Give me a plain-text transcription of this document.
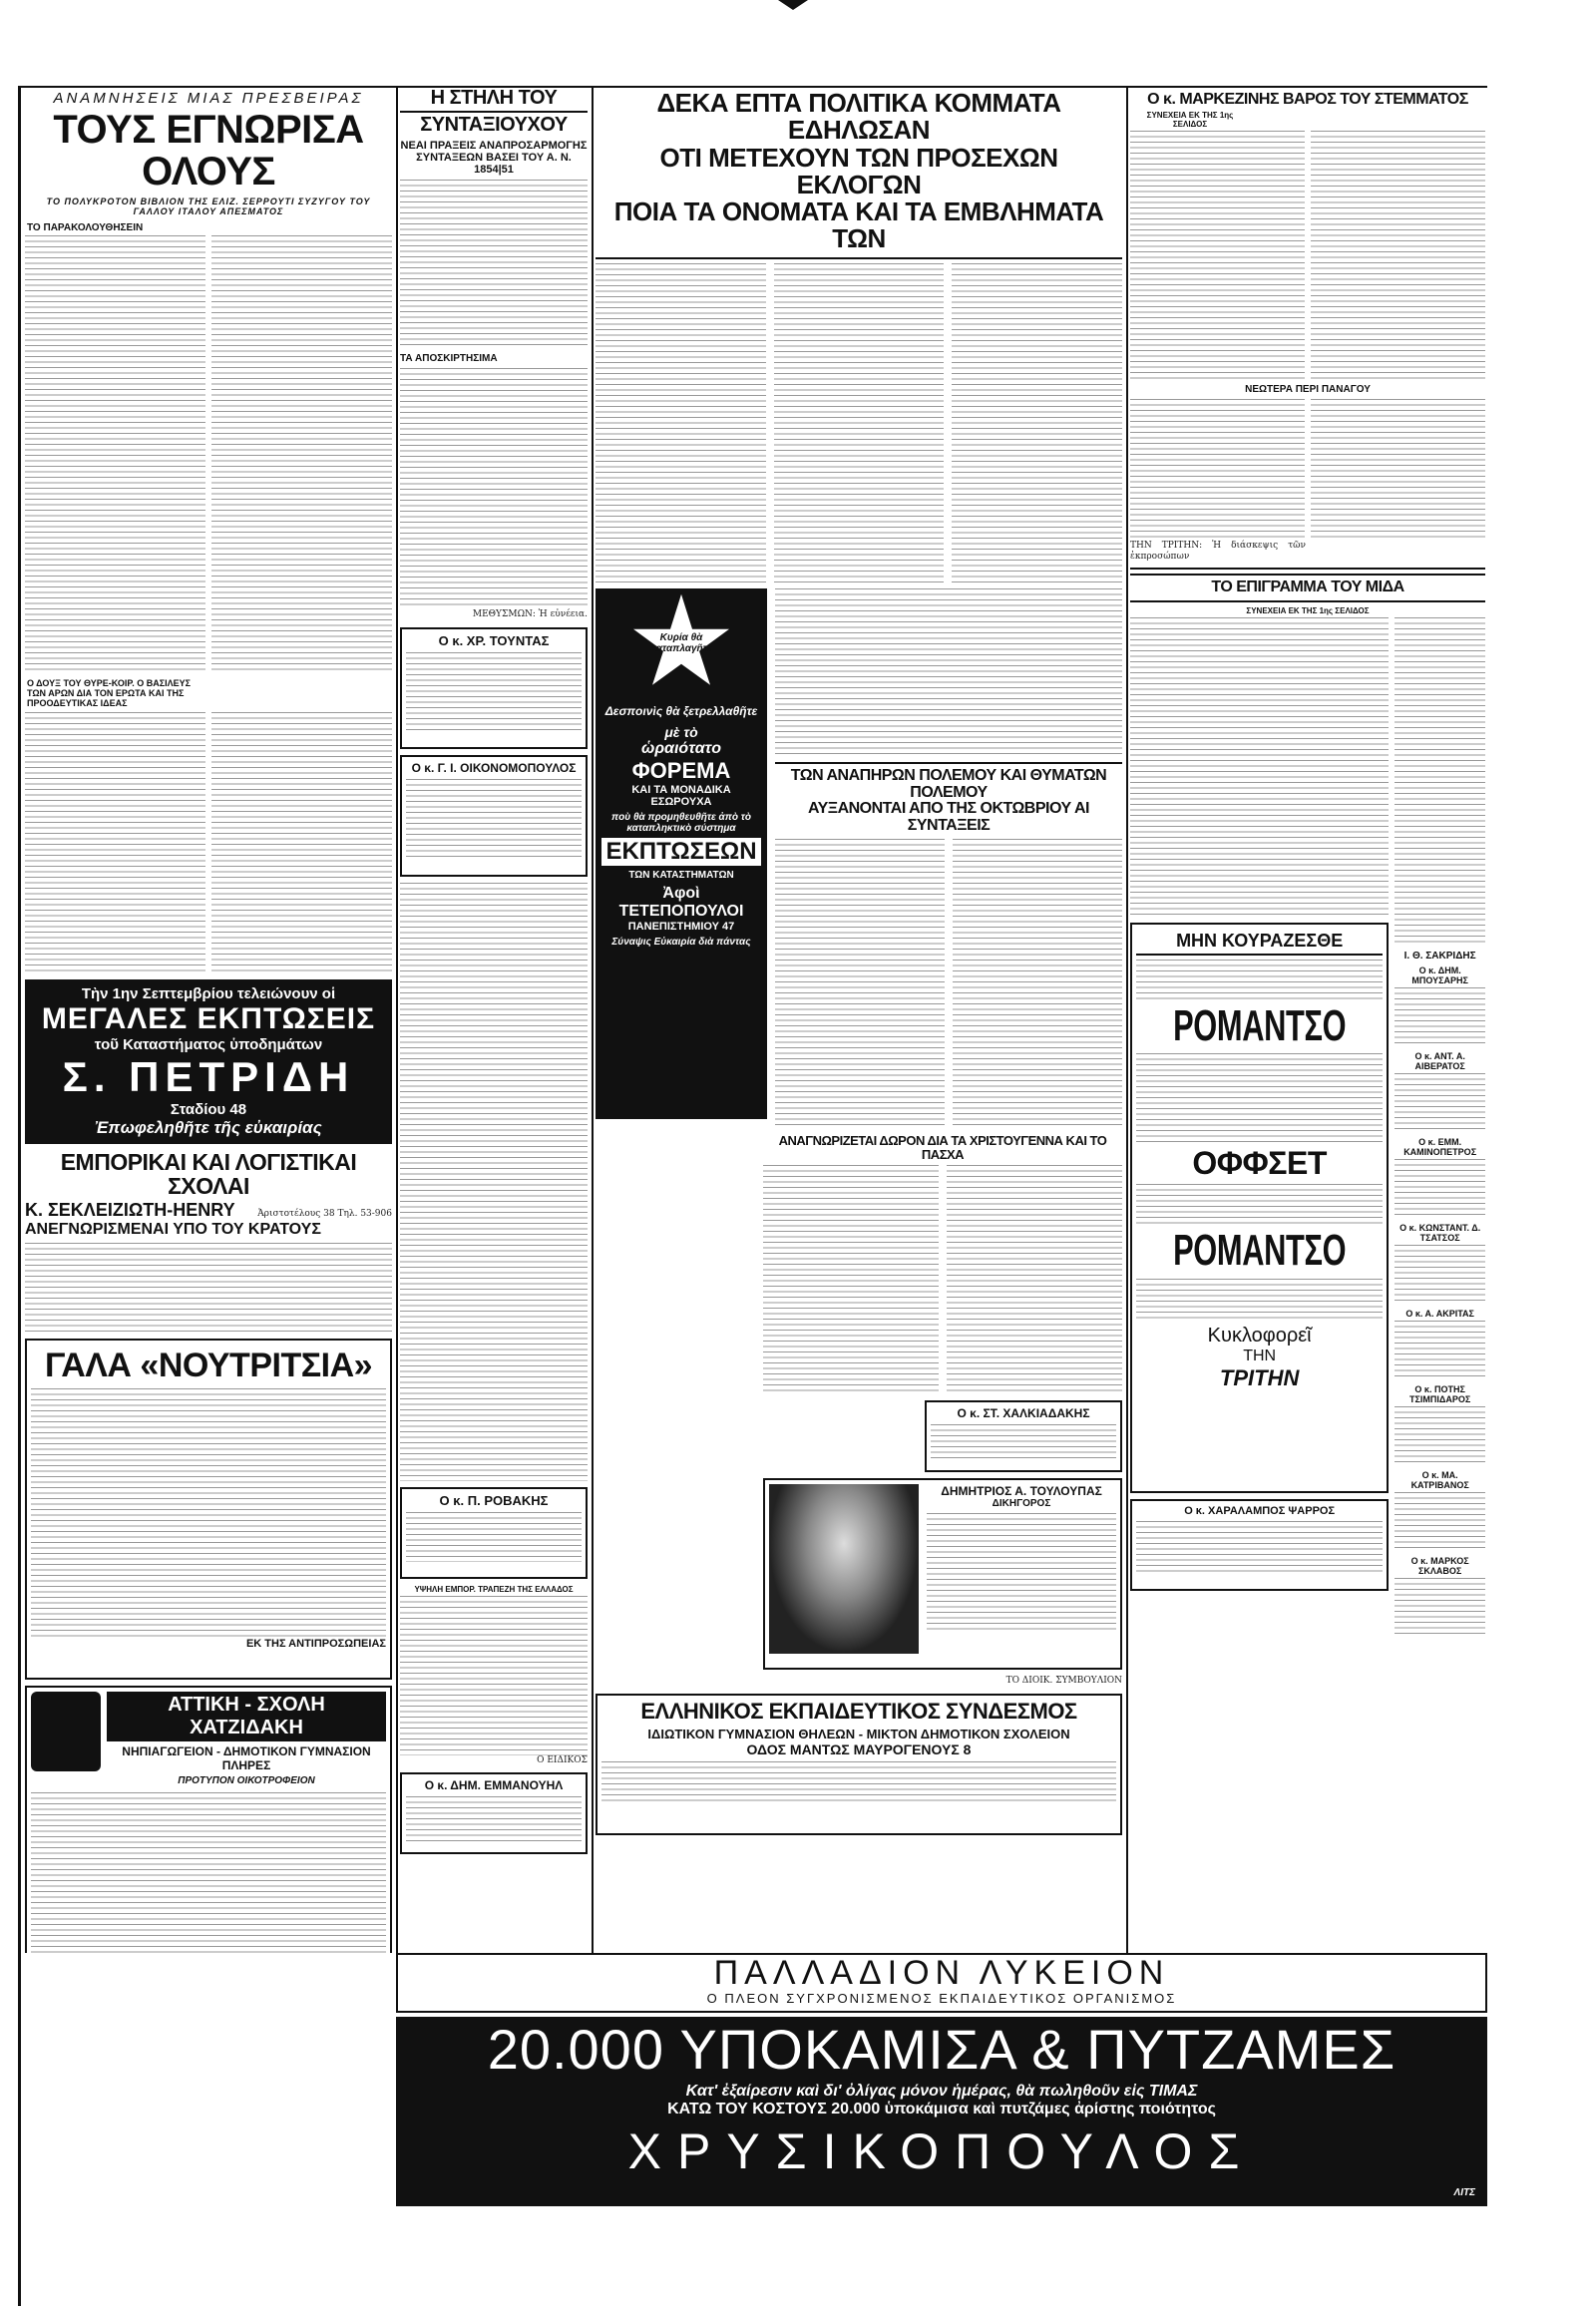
ΑΝΑΜΝΗΣΕΙΣ ΜΙΑΣ ΠΡΕΣΒΕΙΡΑΣ
ΤΟΥΣ ΕΓΝΩΡΙΣΑ ΟΛΟΥΣ
ΤΟ ΠΟΛΥΚΡΟΤΟΝ ΒΙΒΛΙΟΝ ΤΗΣ ΕΛΙΖ. ΣΕΡΡΟΥΤΙ ΣΥΖΥΓΟΥ ΤΟΥ ΓΑΛΛΟΥ ΙΤΑΛΟΥ ΑΠΕΣΜΑΤΟΣ
ΤΟ ΠΑΡΑΚΟΛΟΥΘΗΣΕΙΝ
Ο ΔΟΥΞ ΤΟΥ ΘΥΡΕ-ΚΟΙΡ. Ο ΒΑΣΙΛΕΥΣ ΤΩΝ ΑΡΩΝ ΔΙΑ ΤΟΝ ΕΡΩΤΑ ΚΑΙ ΤΗΣ ΠΡΟΟΔΕΥΤΙΚΑΣ ΙΔΕΑΣ
Τὴν 1ην Σεπτεμβρίου τελειώνουν οἱ
ΜΕΓΑΛΕΣ ΕΚΠΤΩΣΕΙΣ
τοῦ Καταστήματος ὑποδημάτων
Σ. ΠΕΤΡΙΔΗ
Σταδίου 48
Ἐπωφεληθῆτε τῆς εὐκαιρίας
ΕΜΠΟΡΙΚΑΙ ΚΑΙ ΛΟΓΙΣΤΙΚΑΙ ΣΧΟΛΑΙ
Κ. ΣΕΚΛΕΙΖΙΩΤΗ-HENRY	Ἀριστοτέλους 38 Τηλ. 53-906
ΑΝΕΓΝΩΡΙΣΜΕΝΑΙ ΥΠΟ ΤΟΥ ΚΡΑΤΟΥΣ
ΓΑΛΑ «ΝΟΥΤΡΙΤΣΙΑ»
ΕΚ ΤΗΣ ΑΝΤΙΠΡΟΣΩΠΕΙΑΣ
ΑΤΤΙΚΗ - ΣΧΟΛΗ ΧΑΤΖΙΔΑΚΗ
ΝΗΠΙΑΓΩΓΕΙΟΝ - ΔΗΜΟΤΙΚΟΝ ΓΥΜΝΑΣΙΟΝ ΠΛΗΡΕΣ
ΠΡΟΤΥΠΟΝ ΟΙΚΟΤΡΟΦΕΙΟΝ
Η ΣΤΗΛΗ ΤΟΥ
ΣΥΝΤΑΞΙΟΥΧΟΥ
ΝΕΑΙ ΠΡΑΞΕΙΣ ΑΝΑΠΡΟΣΑΡΜΟΓΗΣ ΣΥΝΤΑΞΕΩΝ ΒΑΣΕΙ ΤΟΥ Α. Ν. 1854|51
ΤΑ ΑΠΟΣΚΙΡΤΗΣΙΜΑ
ΜΕΘΥΣΜΩΝ: Ἡ εὐνέεια.
Ο κ. ΧΡ. ΤΟΥΝΤΑΣ
Ο κ. Γ. Ι. ΟΙΚΟΝΟΜΟΠΟΥΛΟΣ
Ο κ. Π. ΡΟΒΑΚΗΣ
ΥΨΗΛΗ ΕΜΠΟΡ. ΤΡΑΠΕΖΗ ΤΗΣ ΕΛΛΑΔΟΣ
Ο ΕΙΔΙΚΟΣ
Ο κ. ΔΗΜ. ΕΜΜΑΝΟΥΗΛ
ΔΕΚΑ ΕΠΤΑ ΠΟΛΙΤΙΚΑ ΚΟΜΜΑΤΑ ΕΔΗΛΩΣΑΝ
ΟΤΙ ΜΕΤΕΧΟΥΝ ΤΩΝ ΠΡΟΣΕΧΩΝ ΕΚΛΟΓΩΝ
ΠΟΙΑ ΤΑ ΟΝΟΜΑΤΑ ΚΑΙ ΤΑ ΕΜΒΛΗΜΑΤΑ ΤΩΝ
Κυρία θὰ καταπλαγῆτε
Δεσποινὶς θὰ ξετρελλαθῆτε
μὲ τὸ
ὡραιότατο
ΦΟΡΕΜΑ
ΚΑΙ ΤΑ ΜΟΝΑΔΙΚΑ ΕΣΩΡΟΥΧΑ
ποὺ θὰ προμηθευθῆτε ἀπὸ τὸ καταπληκτικὸ σύστημα
ΕΚΠΤΩΣΕΩΝ
ΤΩΝ ΚΑΤΑΣΤΗΜΑΤΩΝ
Ἀφοὶ ΤΕΤΕΠΟΠΟΥΛΟΙ
ΠΑΝΕΠΙΣΤΗΜΙΟΥ 47
Σύναψις Εὐκαιρία διὰ πάντας
ΤΩΝ ΑΝΑΠΗΡΩΝ ΠΟΛΕΜΟΥ ΚΑΙ ΘΥΜΑΤΩΝ ΠΟΛΕΜΟΥ
ΑΥΞΑΝΟΝΤΑΙ ΑΠΟ ΤΗΣ ΟΚΤΩΒΡΙΟΥ ΑΙ ΣΥΝΤΑΞΕΙΣ
ΑΝΑΓΝΩΡΙΖΕΤΑΙ ΔΩΡΟΝ ΔΙΑ ΤΑ ΧΡΙΣΤΟΥΓΕΝΝΑ ΚΑΙ ΤΟ ΠΑΣΧΑ
Ο κ. ΣΤ. ΧΑΛΚΙΑΔΑΚΗΣ
ΔΗΜΗΤΡΙΟΣ Α. ΤΟΥΛΟΥΠΑΣ
ΔΙΚΗΓΟΡΟΣ
ΤΟ ΔΙΟΙΚ. ΣΥΜΒΟΥΛΙΟΝ
ΕΛΛΗΝΙΚΟΣ ΕΚΠΑΙΔΕΥΤΙΚΟΣ ΣΥΝΔΕΣΜΟΣ
ΙΔΙΩΤΙΚΟΝ ΓΥΜΝΑΣΙΟΝ ΘΗΛΕΩΝ - ΜΙΚΤΟΝ ΔΗΜΟΤΙΚΟΝ ΣΧΟΛΕΙΟΝ
ΟΔΟΣ ΜΑΝΤΩΣ ΜΑΥΡΟΓΕΝΟΥΣ 8
Ο κ. ΜΑΡΚΕΖΙΝΗΣ ΒΑΡΟΣ ΤΟΥ ΣΤΕΜΜΑΤΟΣ
ΣΥΝΕΧΕΙΑ ΕΚ ΤΗΣ 1ης ΣΕΛΙΔΟΣ
ΝΕΩΤΕΡΑ ΠΕΡΙ ΠΑΝΑΓΟΥ
ΤΗΝ ΤΡΙΤΗΝ: Ἡ διάσκεψις τῶν ἐκπροσώπων
ΤΟ ΕΠΙΓΡΑΜΜΑ ΤΟΥ ΜΙΔΑ
ΣΥΝΕΧΕΙΑ ΕΚ ΤΗΣ 1ης ΣΕΛΙΔΟΣ
ΜΗΝ ΚΟΥΡΑΖΕΣΘΕ
ΡΟΜΑΝΤΣΟ
ΟΦΦΣΕΤ
ΡΟΜΑΝΤΣΟ
Κυκλοφορεῖ
ΤΗΝ
ΤΡΙΤΗΝ
Ο κ. ΧΑΡΑΛΑΜΠΟΣ ΨΑΡΡΟΣ
Ι. Θ. ΣΑΚΡΙΔΗΣ
Ο κ. ΔΗΜ. ΜΠΟΥΣΑΡΗΣ
Ο κ. ΑΝΤ. Α. ΑΙΒΕΡΑΤΟΣ
Ο κ. ΕΜΜ. ΚΑΜΙΝΟΠΕΤΡΟΣ
Ο κ. ΚΩΝΣΤΑΝΤ. Δ. ΤΣΑΤΣΟΣ
Ο κ. Α. ΑΚΡΙΤΑΣ
Ο κ. ΠΟΤΗΣ ΤΣΙΜΠΙΔΑΡΟΣ
Ο κ. ΜΑ. ΚΑΤΡΙΒΑΝΟΣ
Ο κ. ΜΑΡΚΟΣ ΣΚΛΑΒΟΣ
ΠΑΛΛΑΔΙΟΝ ΛΥΚΕΙΟΝ
Ο ΠΛΕΟΝ ΣΥΓΧΡΟΝΙΣΜΕΝΟΣ ΕΚΠΑΙΔΕΥΤΙΚΟΣ ΟΡΓΑΝΙΣΜΟΣ
20.000 ΥΠΟΚΑΜΙΣΑ & ΠΥΤΖΑΜΕΣ
Κατ' ἐξαίρεσιν καὶ δι' ὀλίγας μόνον ἡμέρας, θὰ πωληθοῦν εἰς ΤΙΜΑΣ
ΚΑΤΩ ΤΟΥ ΚΟΣΤΟΥΣ 20.000 ὑποκάμισα καὶ πυτζάμες ἀρίστης ποιότητος
ΧΡΥΣΙΚΟΠΟΥΛΟΣ
ΛΙΤΣ
